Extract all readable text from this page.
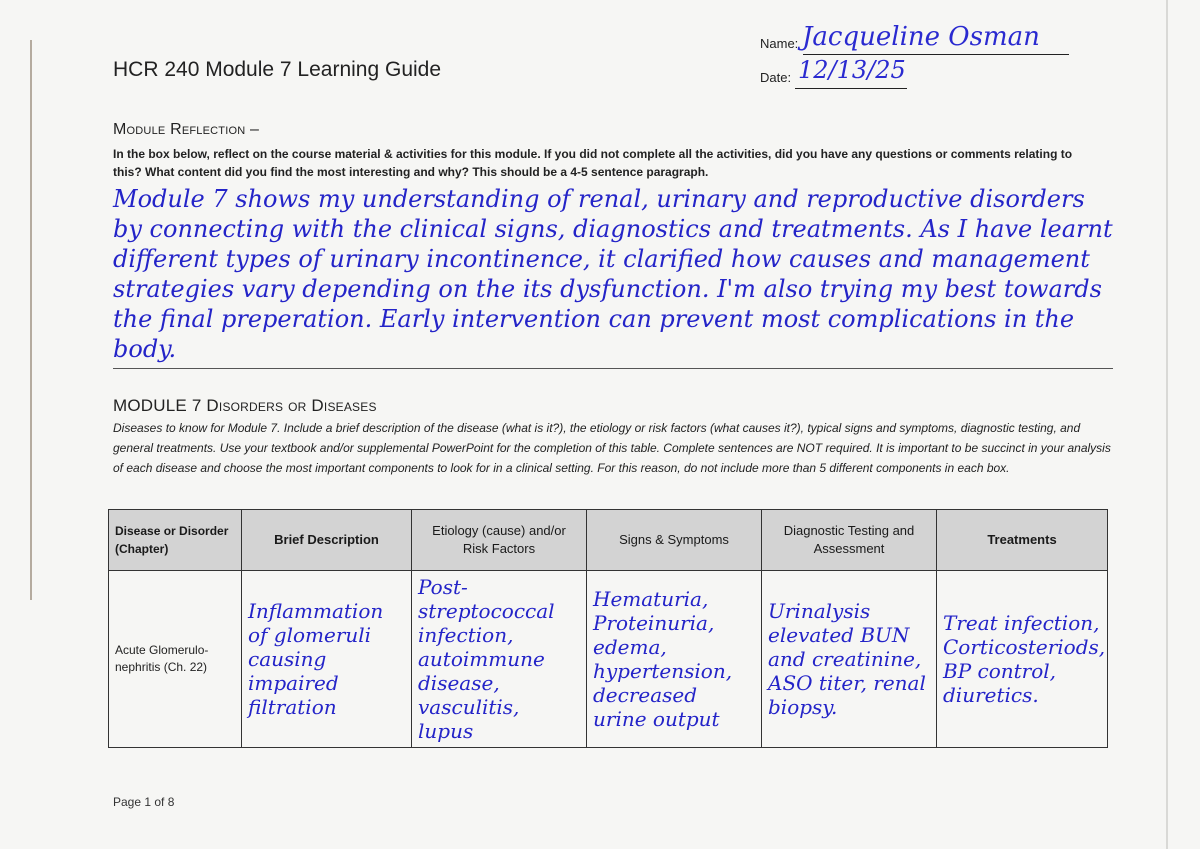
HCR 240 Module 7 Learning Guide
Name: Jacqueline Osman
Date: 12/13/25
Module Reflection –
In the box below, reflect on the course material & activities for this module. If you did not complete all the activities, did you have any questions or comments relating to this? What content did you find the most interesting and why? This should be a 4-5 sentence paragraph.
Module 7 shows my understanding of renal, urinary and reproductive disorders by connecting with the clinical signs, diagnostics and treatments. As I have learnt different types of urinary incontinence, it clarified how causes and management strategies vary depending on the its dysfunction. I'm also trying my best towards the final preperation. Early intervention can prevent most complications in the body.
MODULE 7 Disorders or Diseases
Diseases to know for Module 7. Include a brief description of the disease (what is it?), the etiology or risk factors (what causes it?), typical signs and symptoms, diagnostic testing, and general treatments. Use your textbook and/or supplemental PowerPoint for the completion of this table. Complete sentences are NOT required. It is important to be succinct in your analysis of each disease and choose the most important components to look for in a clinical setting. For this reason, do not include more than 5 different components in each box.
Disease or Disorder (Chapter)	Brief Description	Etiology (cause) and/or Risk Factors	Signs & Symptoms	Diagnostic Testing and Assessment	Treatments
Acute Glomerulo-nephritis (Ch. 22)	Inflammation of glomeruli causing impaired filtration	Post-streptococcal infection, autoimmune disease, vasculitis, lupus	Hematuria, Proteinuria, edema, hypertension, decreased urine output	Urinalysis elevated BUN and creatinine, ASO titer, renal biopsy.	Treat infection, Corticosteriods, BP control, diuretics.
Page 1 of 8
